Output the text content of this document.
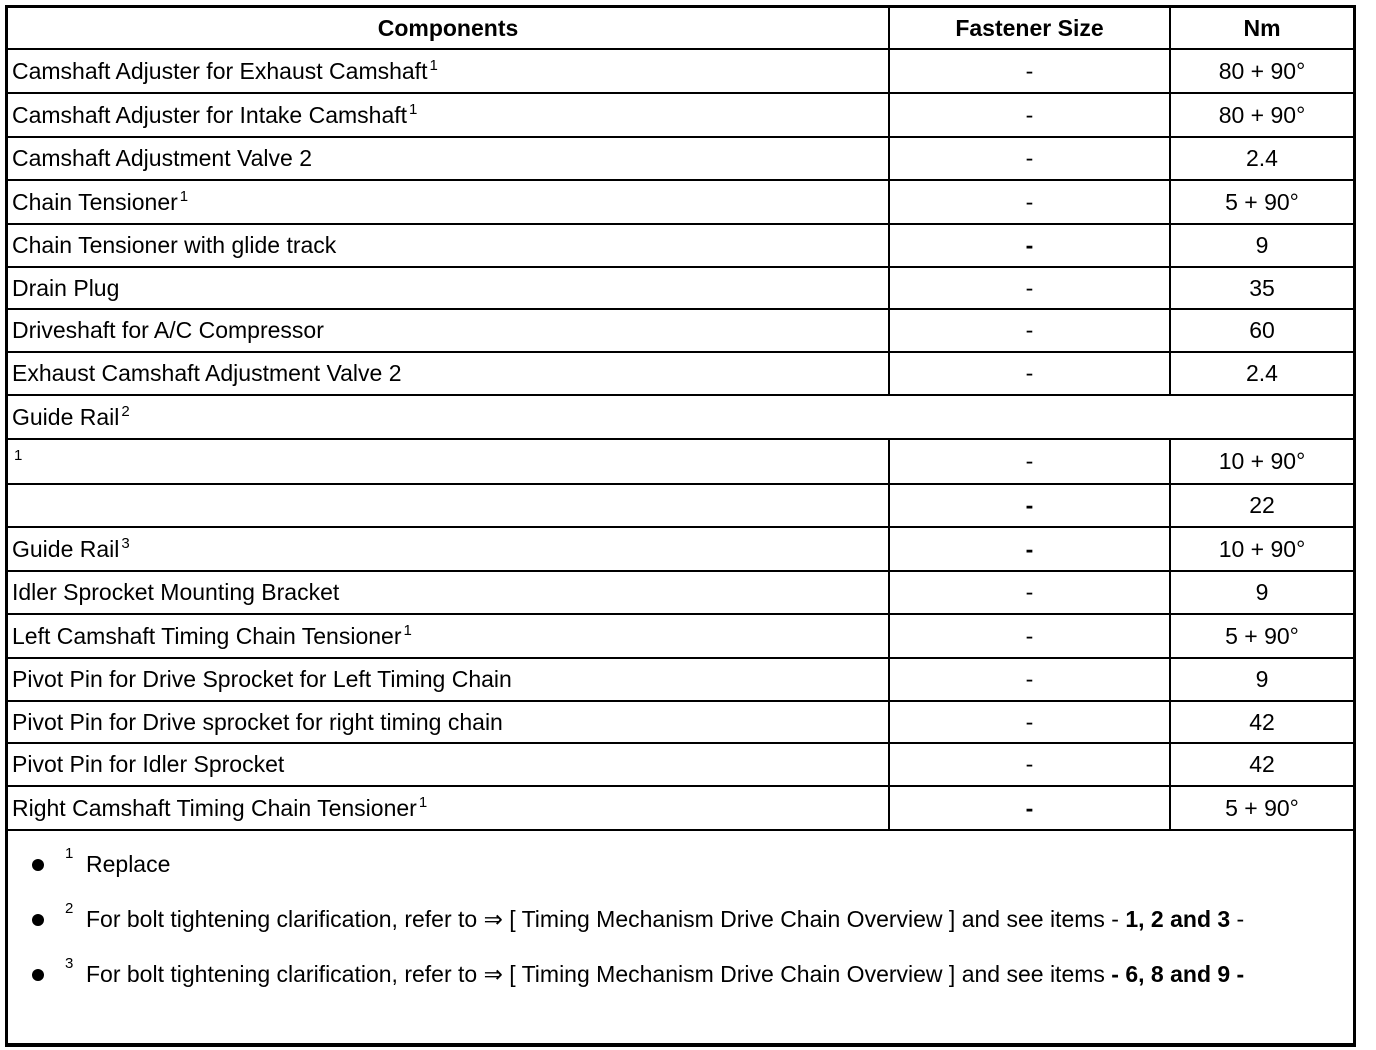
Components	Fastener Size	Nm
Camshaft Adjuster for Exhaust Camshaft $^1$	-	80 + 90°
Camshaft Adjuster for Intake Camshaft $^1$	-	80 + 90°
Camshaft Adjustment Valve 2	-	2.4
Chain Tensioner $^1$	-	5 + 90°
Chain Tensioner with glide track	-	9
Drain Plug	-	35
Driveshaft for A/C Compressor	-	60
Exhaust Camshaft Adjustment Valve 2	-	2.4
Guide Rail $^2$
$^1$	-	10 + 90°
	-	22
Guide Rail $^3$	-	10 + 90°
Idler Sprocket Mounting Bracket	-	9
Left Camshaft Timing Chain Tensioner $^1$	-	5 + 90°
Pivot Pin for Drive Sprocket for Left Timing Chain	-	9
Pivot Pin for Drive sprocket for right timing chain	-	42
Pivot Pin for Idler Sprocket	-	42
Right Camshaft Timing Chain Tensioner $^1$	-	5 + 90°
1 Replace
2 For bolt tightening clarification, refer to ⇒ [ Timing Mechanism Drive Chain Overview ] and see items - 1, 2 and 3 -
3 For bolt tightening clarification, refer to ⇒ [ Timing Mechanism Drive Chain Overview ] and see items - 6, 8 and 9 -
